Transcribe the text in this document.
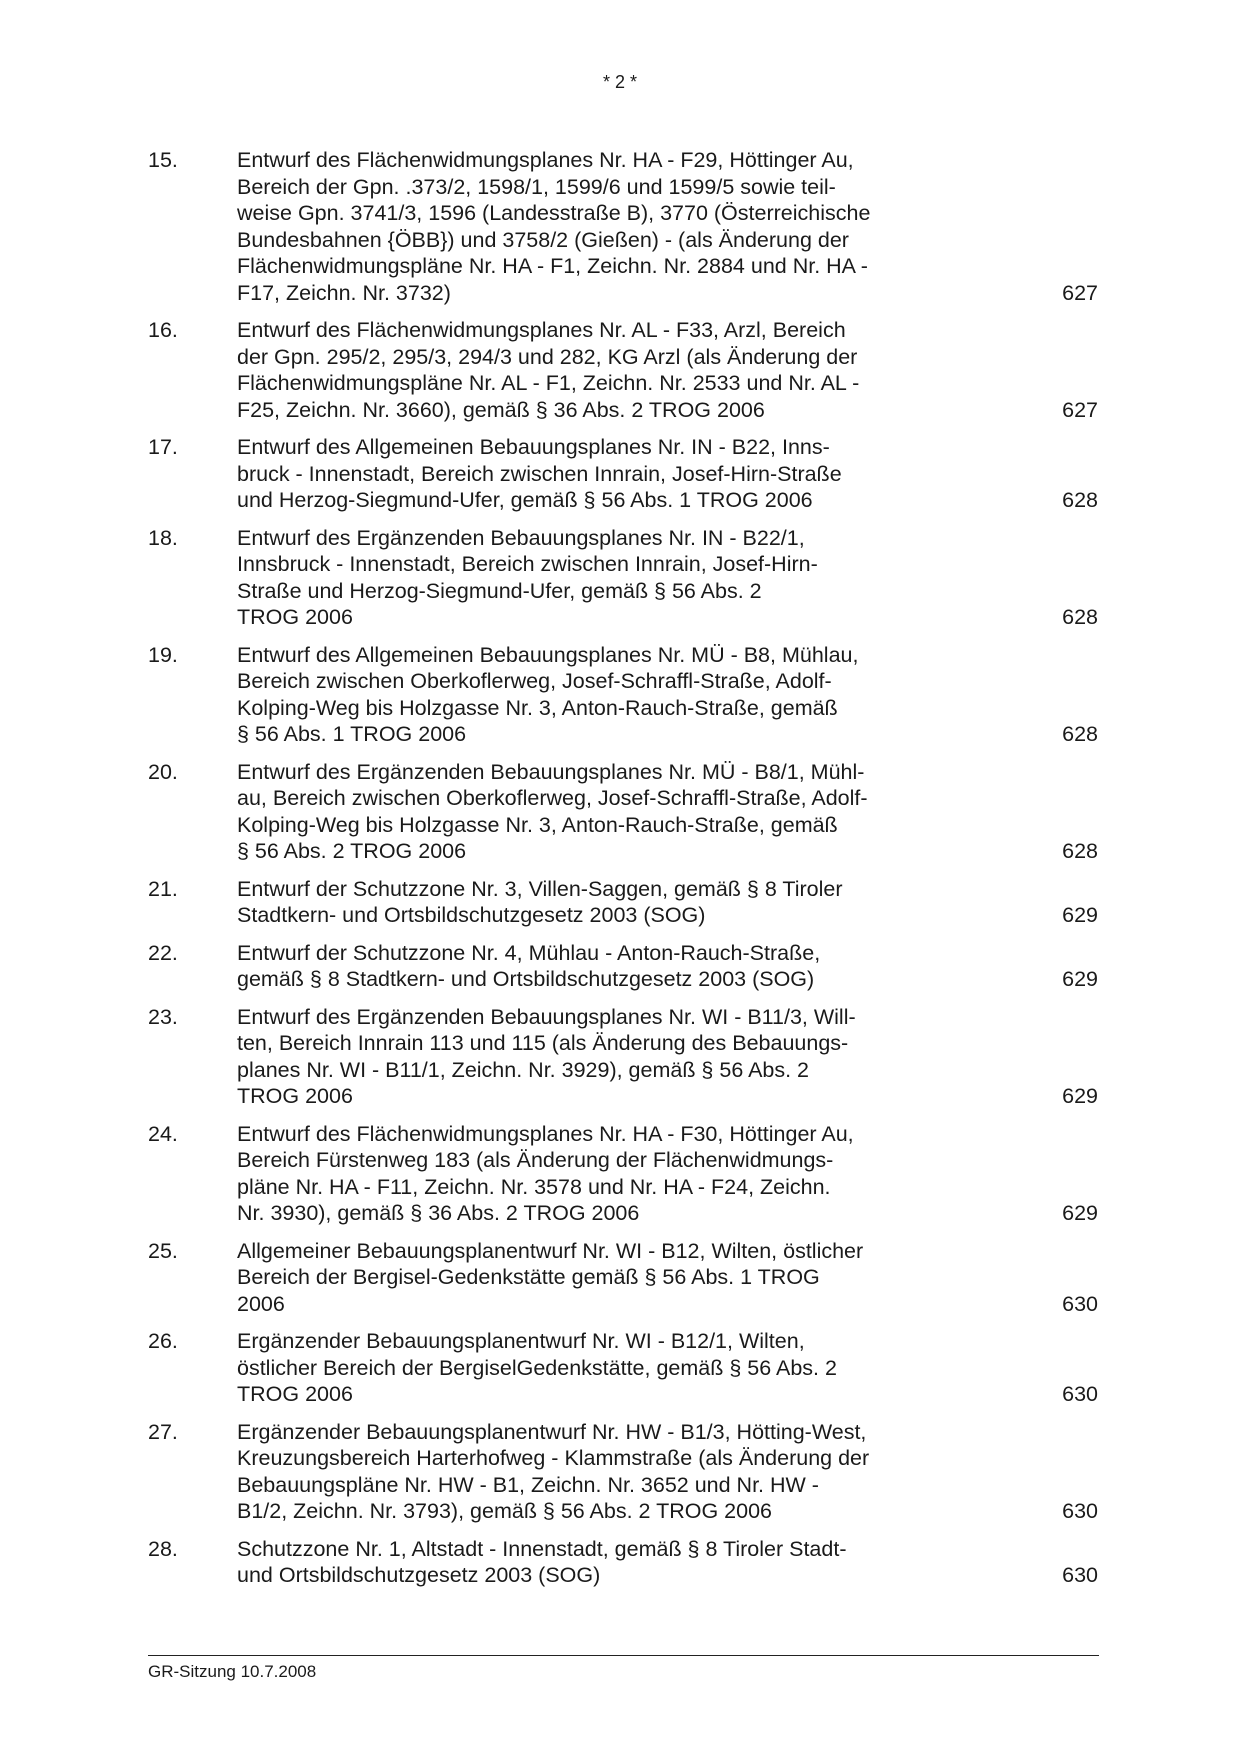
* 2 *
15.	Entwurf des Flächenwidmungsplanes Nr. HA - F29, Höttinger Au,
Bereich der Gpn. .373/2, 1598/1, 1599/6 und 1599/5 sowie teil-
weise Gpn. 3741/3, 1596 (Landesstraße B), 3770 (Österreichische
Bundesbahnen {ÖBB}) und 3758/2 (Gießen) - (als Änderung der
Flächenwidmungspläne Nr. HA - F1, Zeichn. Nr. 2884 und Nr. HA -
F17, Zeichn. Nr. 3732)	627
16.	Entwurf des Flächenwidmungsplanes Nr. AL - F33, Arzl, Bereich
der Gpn. 295/2, 295/3, 294/3 und 282, KG Arzl (als Änderung der
Flächenwidmungspläne Nr. AL - F1, Zeichn. Nr. 2533 und Nr. AL -
F25, Zeichn. Nr. 3660), gemäß § 36 Abs. 2 TROG 2006	627
17.	Entwurf des Allgemeinen Bebauungsplanes Nr. IN - B22, Inns-
bruck - Innenstadt, Bereich zwischen Innrain, Josef-Hirn-Straße
und Herzog-Siegmund-Ufer, gemäß § 56 Abs. 1 TROG 2006	628
18.	Entwurf des Ergänzenden Bebauungsplanes Nr. IN - B22/1,
Innsbruck - Innenstadt, Bereich zwischen Innrain, Josef-Hirn-
Straße und Herzog-Siegmund-Ufer, gemäß § 56 Abs. 2
TROG 2006	628
19.	Entwurf des Allgemeinen Bebauungsplanes Nr. MÜ - B8, Mühlau,
Bereich zwischen Oberkoflerweg, Josef-Schraffl-Straße, Adolf-
Kolping-Weg bis Holzgasse Nr. 3, Anton-Rauch-Straße, gemäß
§ 56 Abs. 1 TROG 2006	628
20.	Entwurf des Ergänzenden Bebauungsplanes Nr. MÜ - B8/1, Mühl-
au, Bereich zwischen Oberkoflerweg, Josef-Schraffl-Straße, Adolf-
Kolping-Weg bis Holzgasse Nr. 3, Anton-Rauch-Straße, gemäß
§ 56 Abs. 2 TROG 2006	628
21.	Entwurf der Schutzzone Nr. 3, Villen-Saggen, gemäß § 8 Tiroler
Stadtkern- und Ortsbildschutzgesetz 2003 (SOG)	629
22.	Entwurf der Schutzzone Nr. 4, Mühlau - Anton-Rauch-Straße,
gemäß § 8 Stadtkern- und Ortsbildschutzgesetz 2003 (SOG)	629
23.	Entwurf des Ergänzenden Bebauungsplanes Nr. WI - B11/3, Will-
ten, Bereich Innrain 113 und 115 (als Änderung des Bebauungs-
planes Nr. WI - B11/1, Zeichn. Nr. 3929), gemäß § 56 Abs. 2
TROG 2006	629
24.	Entwurf des Flächenwidmungsplanes Nr. HA - F30, Höttinger Au,
Bereich Fürstenweg 183 (als Änderung der Flächenwidmungs-
pläne Nr. HA - F11, Zeichn. Nr. 3578 und Nr. HA - F24, Zeichn.
Nr. 3930), gemäß § 36 Abs. 2 TROG 2006	629
25.	Allgemeiner Bebauungsplanentwurf Nr. WI - B12, Wilten, östlicher
Bereich der Bergisel-Gedenkstätte gemäß § 56 Abs. 1 TROG
2006	630
26.	Ergänzender Bebauungsplanentwurf Nr. WI - B12/1, Wilten,
östlicher Bereich der BergiselGedenkstätte, gemäß § 56 Abs. 2
TROG 2006	630
27.	Ergänzender Bebauungsplanentwurf Nr. HW - B1/3, Hötting-West,
Kreuzungsbereich Harterhofweg - Klammstraße (als Änderung der
Bebauungspläne Nr. HW - B1, Zeichn. Nr. 3652 und Nr. HW -
B1/2, Zeichn. Nr. 3793), gemäß § 56 Abs. 2 TROG 2006	630
28.	Schutzzone Nr. 1, Altstadt - Innenstadt, gemäß § 8 Tiroler Stadt-
und Ortsbildschutzgesetz 2003 (SOG)	630
GR-Sitzung 10.7.2008
